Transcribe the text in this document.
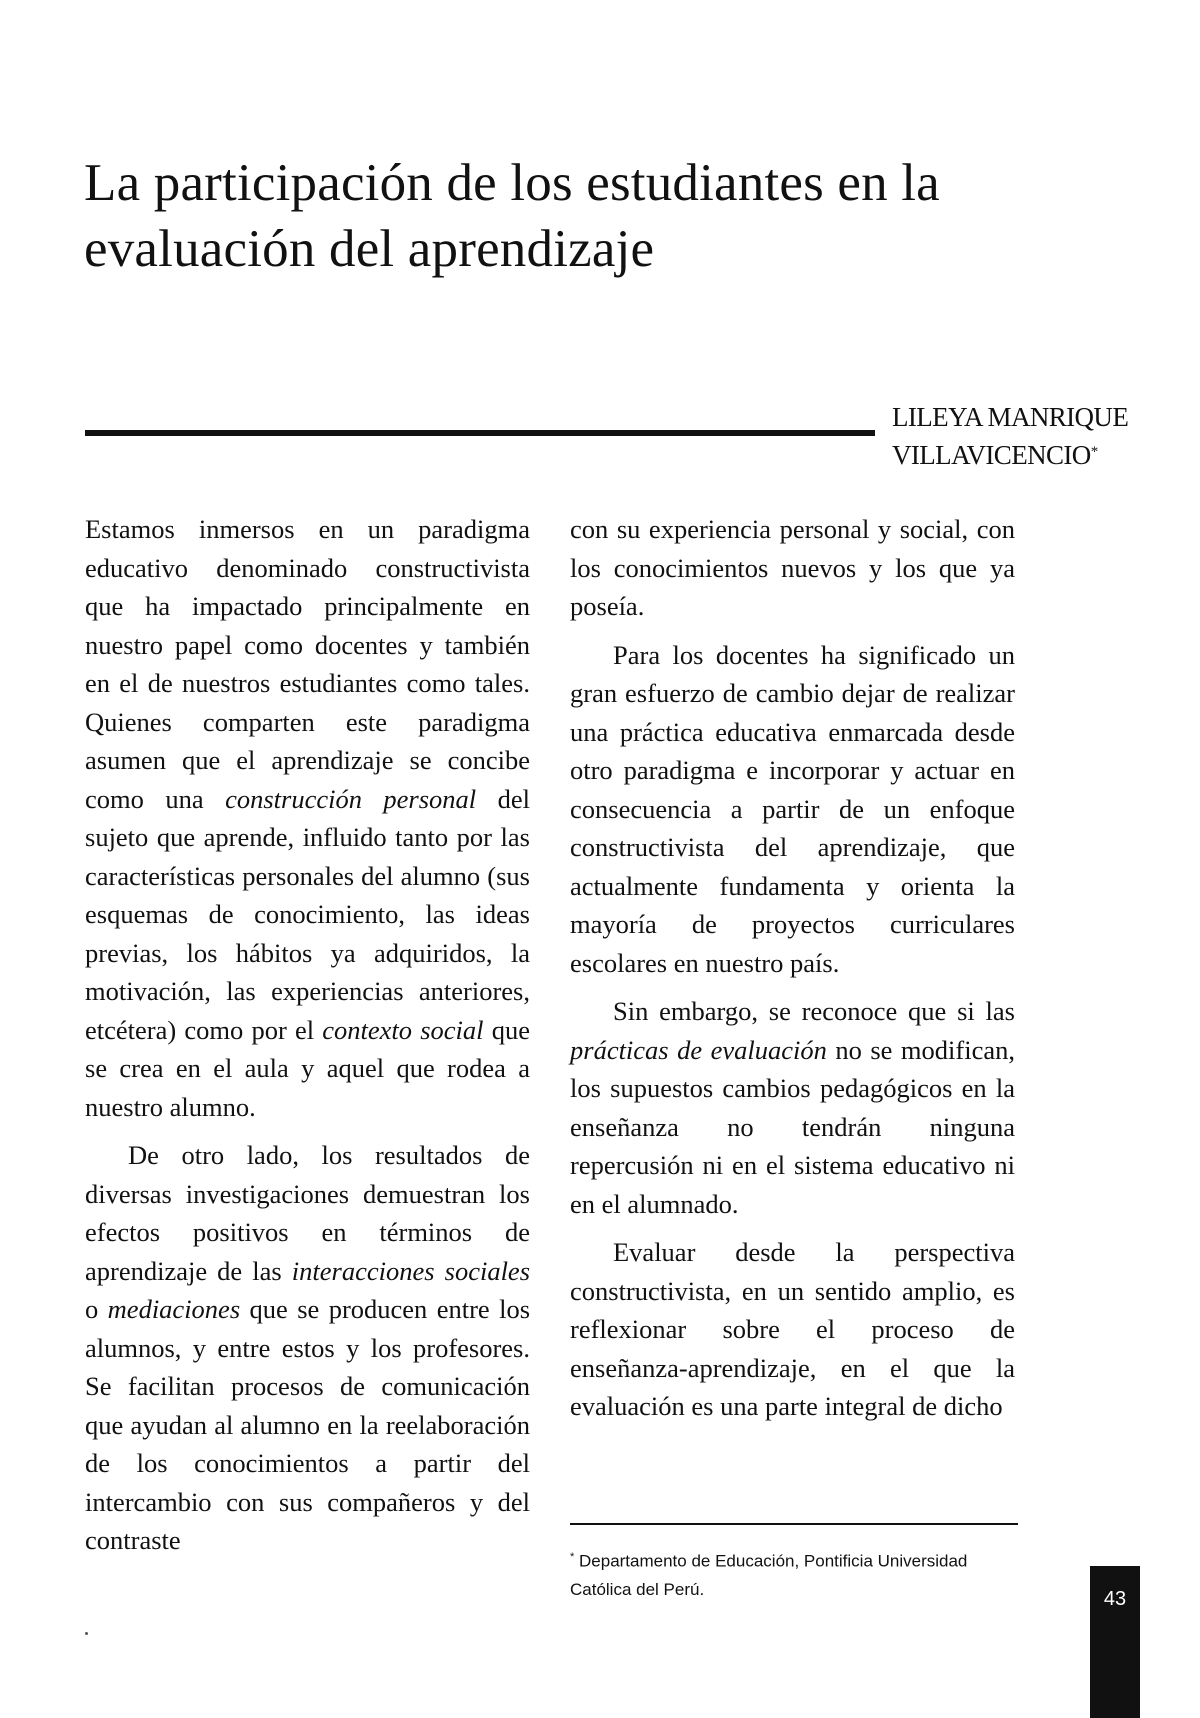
La participación de los estudiantes en la
evaluación del aprendizaje
LILEYA MANRIQUE
VILLAVICENCIO*

Estamos inmersos en un paradigma educativo denominado constructivista que ha impactado principalmente en nuestro papel como docentes y también en el de nuestros estudiantes como tales. Quienes comparten este paradigma asumen que el aprendizaje se concibe como una construcción personal del sujeto que aprende, influido tanto por las características personales del alumno (sus esquemas de conocimiento, las ideas previas, los hábitos ya adquiridos, la motivación, las experiencias anteriores, etcétera) como por el contexto social que se crea en el aula y aquel que rodea a nuestro alumno.

De otro lado, los resultados de diversas investigaciones demuestran los efectos positivos en términos de aprendizaje de las interacciones sociales o mediaciones que se producen entre los alumnos, y entre estos y los profesores. Se facilitan procesos de comunicación que ayudan al alumno en la reelaboración de los conocimientos a partir del intercambio con sus compañeros y del contraste

con su experiencia personal y social, con los conocimientos nuevos y los que ya poseía.

Para los docentes ha significado un gran esfuerzo de cambio dejar de realizar una práctica educativa enmarcada desde otro paradigma e incorporar y actuar en consecuencia a partir de un enfoque constructivista del aprendizaje, que actualmente fundamenta y orienta la mayoría de proyectos curriculares escolares en nuestro país.

Sin embargo, se reconoce que si las prácticas de evaluación no se modifican, los supuestos cambios pedagógicos en la enseñanza no tendrán ninguna repercusión ni en el sistema educativo ni en el alumnado.

Evaluar desde la perspectiva constructivista, en un sentido amplio, es reflexionar sobre el proceso de enseñanza-aprendizaje, en el que la evaluación es una parte integral de dicho

* Departamento de Educación, Pontificia Universidad Católica del Perú.	43
